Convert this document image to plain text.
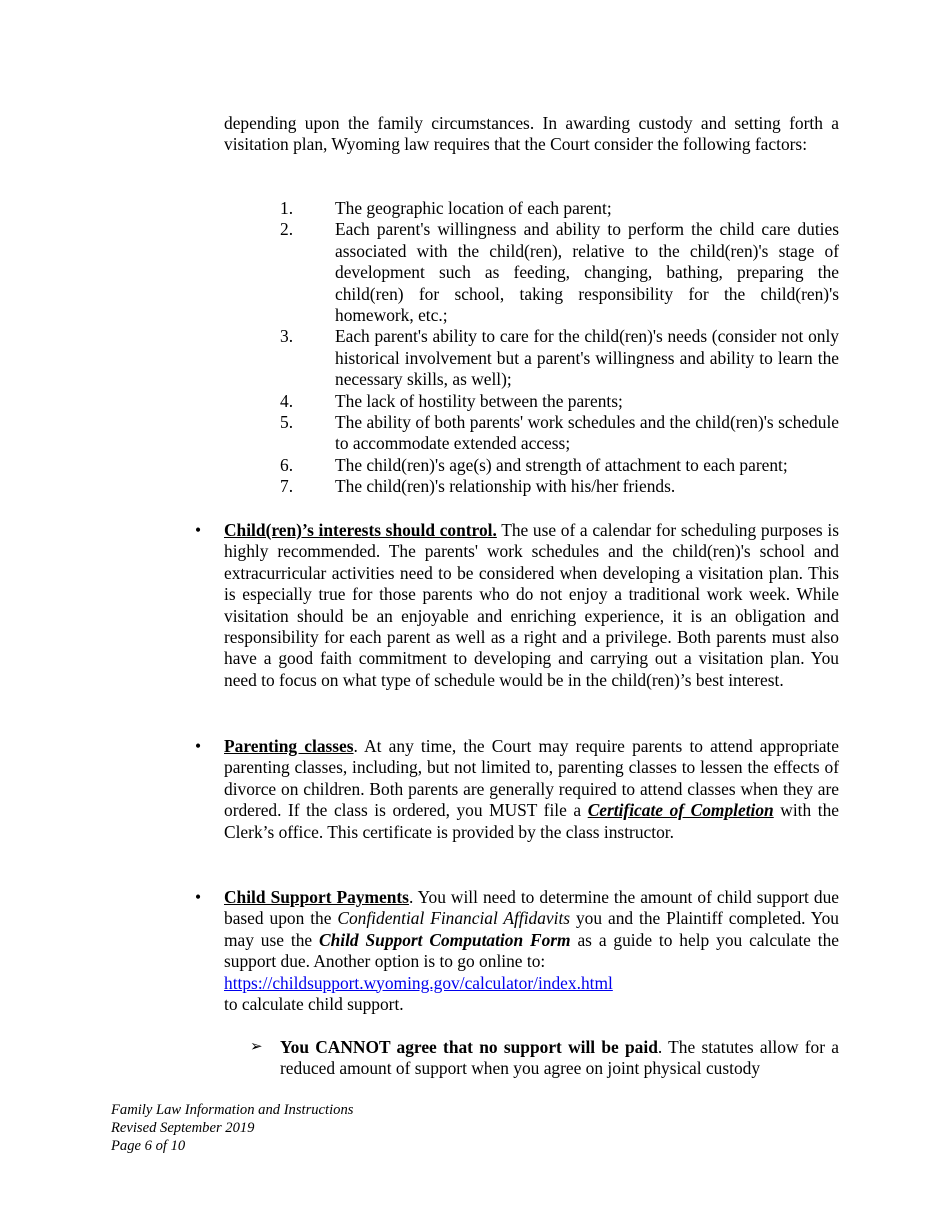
depending upon the family circumstances. In awarding custody and setting forth a visitation plan, Wyoming law requires that the Court consider the following factors:
1.	The geographic location of each parent;
2.	Each parent's willingness and ability to perform the child care duties associated with the child(ren), relative to the child(ren)'s stage of development such as feeding, changing, bathing, preparing the child(ren) for school, taking responsibility for the child(ren)'s homework, etc.;
3.	Each parent's ability to care for the child(ren)'s needs (consider not only historical involvement but a parent's willingness and ability to learn the necessary skills, as well);
4.	The lack of hostility between the parents;
5.	The ability of both parents' work schedules and the child(ren)'s schedule to accommodate extended access;
6.	The child(ren)'s age(s) and strength of attachment to each parent;
7.	The child(ren)'s relationship with his/her friends.
• Child(ren)’s interests should control. The use of a calendar for scheduling purposes is highly recommended. The parents' work schedules and the child(ren)'s school and extracurricular activities need to be considered when developing a visitation plan. This is especially true for those parents who do not enjoy a traditional work week. While visitation should be an enjoyable and enriching experience, it is an obligation and responsibility for each parent as well as a right and a privilege. Both parents must also have a good faith commitment to developing and carrying out a visitation plan. You need to focus on what type of schedule would be in the child(ren)’s best interest.
• Parenting classes. At any time, the Court may require parents to attend appropriate parenting classes, including, but not limited to, parenting classes to lessen the effects of divorce on children. Both parents are generally required to attend classes when they are ordered. If the class is ordered, you MUST file a Certificate of Completion with the Clerk’s office. This certificate is provided by the class instructor.
• Child Support Payments. You will need to determine the amount of child support due based upon the Confidential Financial Affidavits you and the Plaintiff completed. You may use the Child Support Computation Form as a guide to help you calculate the support due. Another option is to go online to:
https://childsupport.wyoming.gov/calculator/index.html
to calculate child support.
➢ You CANNOT agree that no support will be paid. The statutes allow for a reduced amount of support when you agree on joint physical custody
Family Law Information and Instructions
Revised September 2019
Page 6 of 10
